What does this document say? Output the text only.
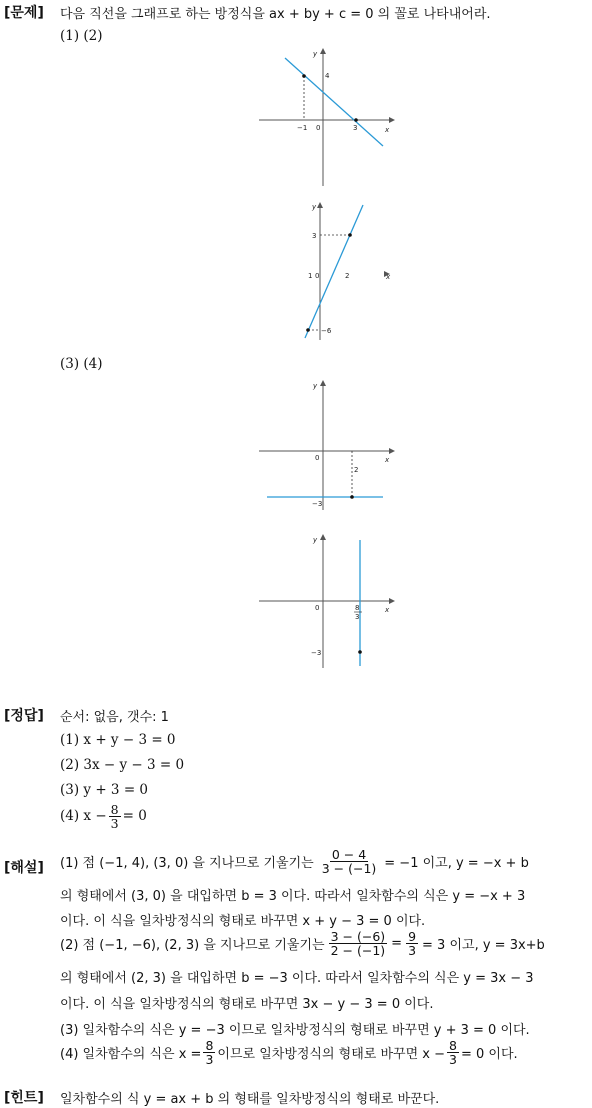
[문제] 다음 직선을 그래프로 하는 방정식을 ax + by + c = 0 의 꼴로 나타내어라.
(1) (2)
−1 0	3
4
x
y
3
1 0	2
−6
x
y
(3) (4)
0
2
−3
x
y
0	8
3
−3
x
y
[정답] 순서: 없음, 갯수: 1
(1) x + y − 3 = 0
(2) 3x − y − 3 = 0
(3) y + 3 = 0
(4) $x - \frac{8}{3} = 0$
[해설] (1) 점 (−1, 4), (3, 0) 을 지나므로 기울기는 $\frac{0 - 4}{3 - (-1)} = -1$ 이고, y = −x + b
의 형태에서 (3, 0) 을 대입하면 b = 3 이다. 따라서 일차함수의 식은 y = −x + 3
이다. 이 식을 일차방정식의 형태로 바꾸면 x + y − 3 = 0 이다.
(2) 점 (−1, −6), (2, 3) 을 지나므로 기울기는 $\frac{3 - (-6)}{2 - (-1)} = \frac{9}{3} = 3$ 이고, y = 3x+b
의 형태에서 (2, 3) 을 대입하면 b = −3 이다. 따라서 일차함수의 식은 y = 3x − 3
이다. 이 식을 일차방정식의 형태로 바꾸면 3x − y − 3 = 0 이다.
(3) 일차함수의 식은 y = −3 이므로 일차방정식의 형태로 바꾸면 y + 3 = 0 이다.
(4) 일차함수의 식은 $x = \frac{8}{3}$ 이므로 일차방정식의 형태로 바꾸면 $x - \frac{8}{3} = 0$ 이다.
[힌트] 일차함수의 식 y = ax + b 의 형태를 일차방정식의 형태로 바꾼다.
